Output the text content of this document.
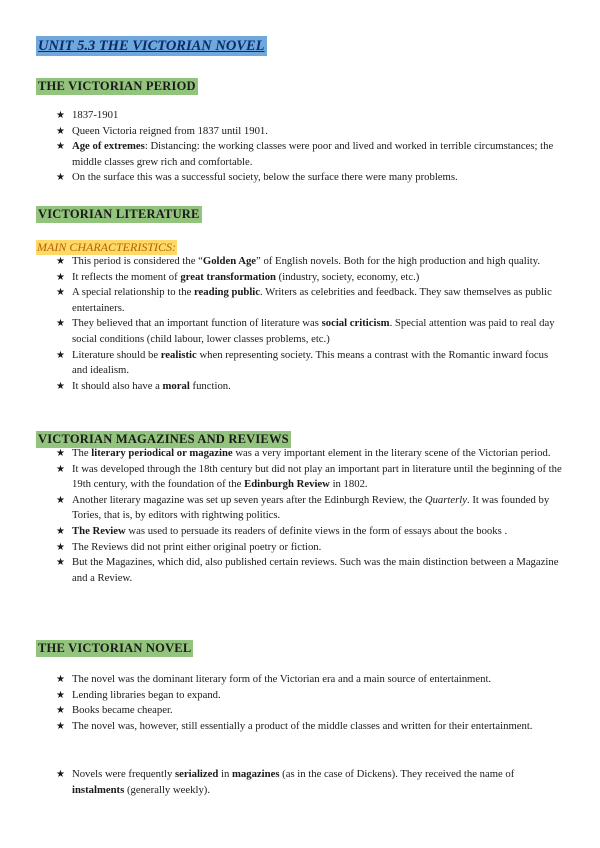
UNIT 5.3 THE VICTORIAN NOVEL
THE VICTORIAN PERIOD
★ 1837-1901
★ Queen Victoria reigned from 1837 until 1901.
★ Age of extremes: Distancing: the working classes were poor and lived and worked in terrible circumstances; the middle classes grew rich and comfortable.
★ On the surface this was a successful society, below the surface there were many problems.
VICTORIAN LITERATURE
MAIN CHARACTERISTICS:
★ This period is considered the “Golden Age” of English novels. Both for the high production and high quality.
★ It reflects the moment of great transformation (industry, society, economy, etc.)
★ A special relationship to the reading public. Writers as celebrities and feedback. They saw themselves as public entertainers.
★ They believed that an important function of literature was social criticism. Special attention was paid to real day social conditions (child labour, lower classes problems, etc.)
★ Literature should be realistic when representing society. This means a contrast with the Romantic inward focus and idealism.
★ It should also have a moral function.
VICTORIAN MAGAZINES AND REVIEWS
★ The literary periodical or magazine was a very important element in the literary scene of the Victorian period.
★ It was developed through the 18th century but did not play an important part in literature until the beginning of the 19th century, with the foundation of the Edinburgh Review in 1802.
★ Another literary magazine was set up seven years after the Edinburgh Review, the Quarterly. It was founded by Tories, that is, by editors with rightwing politics.
★ The Review was used to persuade its readers of definite views in the form of essays about the books .
★ The Reviews did not print either original poetry or fiction.
★ But the Magazines, which did, also published certain reviews. Such was the main distinction between a Magazine and a Review.
THE VICTORIAN NOVEL
★ The novel was the dominant literary form of the Victorian era and a main source of entertainment.
★ Lending libraries began to expand.
★ Books became cheaper.
★ The novel was, however, still essentially a product of the middle classes and written for their entertainment.
★ Novels were frequently serialized in magazines (as in the case of Dickens). They received the name of instalments (generally weekly).
